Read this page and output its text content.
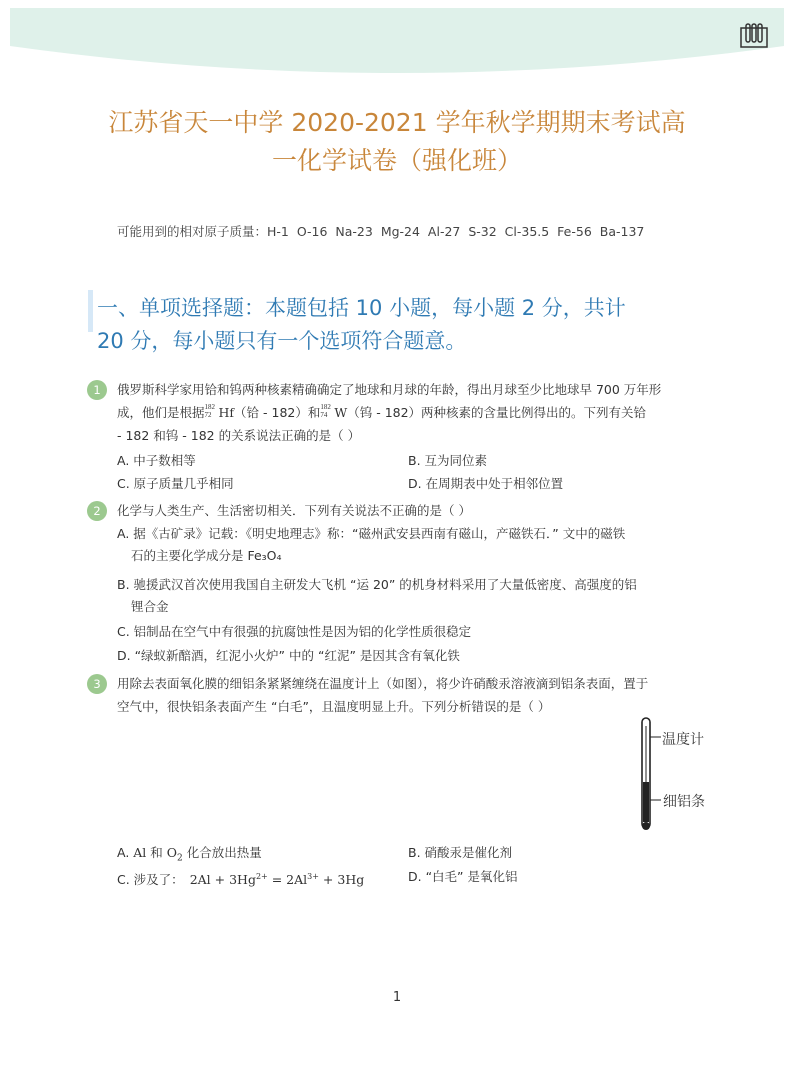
江苏省天一中学 2020-2021 学年秋学期期末考试高
一化学试卷（强化班）
可能用到的相对原子质量：H-1 O-16 Na-23 Mg-24 Al-27 S-32 Cl-35.5 Fe-56 Ba-137
一、单项选择题：本题包括 10 小题，每小题 2 分，共计
20 分，每小题只有一个选项符合题意。
1	俄罗斯科学家用铪和钨两种核素精确确定了地球和月球的年龄，得出月球至少比地球早 700 万年形
成，他们是根据 182
72 Hf（铪 - 182）和 182
74 W（钨 - 182）两种核素的含量比例得出的。下列有关铪
- 182 和钨 - 182 的关系说法正确的是（ ）
A. 中子数相等	B. 互为同位素
C. 原子质量几乎相同	D. 在周期表中处于相邻位置
2	化学与人类生产、生活密切相关．下列有关说法不正确的是（ ）
A. 据《古矿录》记载：《明史地理志》称：“磁州武安县西南有磁山，产磁铁石．” 文中的磁铁
石的主要化学成分是 Fe₃O₄
B. 驰援武汉首次使用我国自主研发大飞机 “运 20” 的机身材料采用了大量低密度、高强度的铝
锂合金
C. 铝制品在空气中有很强的抗腐蚀性是因为铝的化学性质很稳定
D. “绿蚁新醅酒，红泥小火炉” 中的 “红泥” 是因其含有氧化铁
3	用除去表面氧化膜的细铝条紧紧缠绕在温度计上（如图），将少许硝酸汞溶液滴到铝条表面，置于
空气中，很快铝条表面产生 “白毛”，且温度明显上升。下列分析错误的是（ ）
温度计
细铝条
A. Al 和 $O_2$ 化合放出热量	B. 硝酸汞是催化剂
C. 涉及了： $2Al + 3Hg^{2+} = 2Al^{3+} + 3Hg$	D. “白毛” 是氧化铝
1
